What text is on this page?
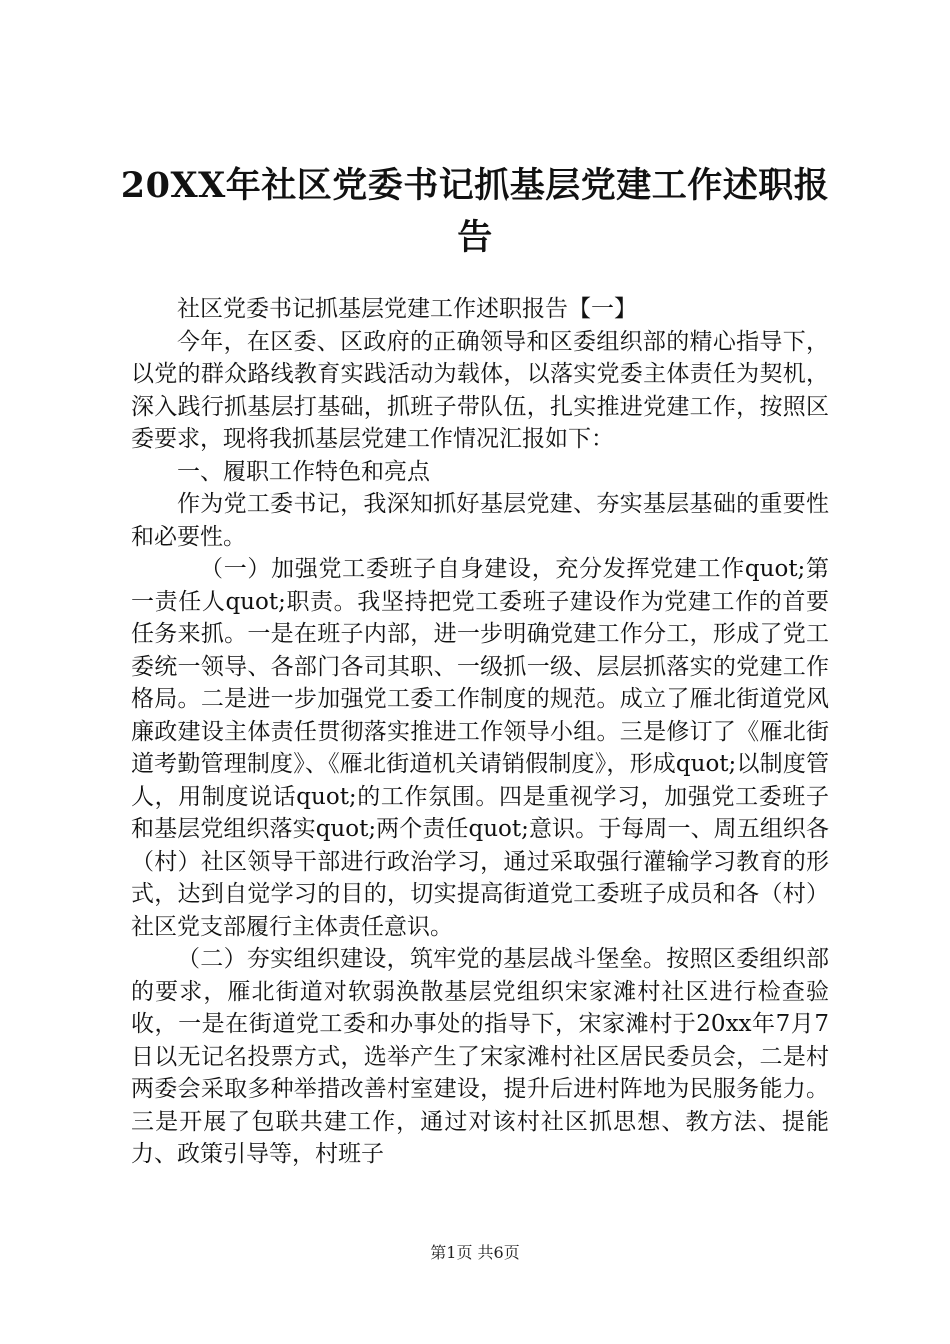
20XX年社区党委书记抓基层党建工作述职报
告

社区党委书记抓基层党建工作述职报告【一】

今年，在区委、区政府的正确领导和区委组织部的精心指导下，以党的群众路线教育实践活动为载体，以落实党委主体责任为契机，深入践行抓基层打基础，抓班子带队伍，扎实推进党建工作，按照区委要求，现将我抓基层党建工作情况汇报如下：

一、履职工作特色和亮点

作为党工委书记，我深知抓好基层党建、夯实基层基础的重要性和必要性。

（一）加强党工委班子自身建设，充分发挥党建工作quot;第一责任人quot;职责。我坚持把党工委班子建设作为党建工作的首要任务来抓。一是在班子内部，进一步明确党建工作分工，形成了党工委统一领导、各部门各司其职、一级抓一级、层层抓落实的党建工作格局。二是进一步加强党工委工作制度的规范。成立了雁北街道党风廉政建设主体责任贯彻落实推进工作领导小组。三是修订了《雁北街道考勤管理制度》、《雁北街道机关请销假制度》，形成quot;以制度管人，用制度说话quot;的工作氛围。四是重视学习，加强党工委班子和基层党组织落实quot;两个责任quot;意识。于每周一、周五组织各（村）社区领导干部进行政治学习，通过采取强行灌输学习教育的形式，达到自觉学习的目的，切实提高街道党工委班子成员和各（村）社区党支部履行主体责任意识。

（二）夯实组织建设，筑牢党的基层战斗堡垒。按照区委组织部的要求，雁北街道对软弱涣散基层党组织宋家滩村社区进行检查验收，一是在街道党工委和办事处的指导下，宋家滩村于20xx年7月7日以无记名投票方式，选举产生了宋家滩村社区居民委员会，二是村两委会采取多种举措改善村室建设，提升后进村阵地为民服务能力。三是开展了包联共建工作，通过对该村社区抓思想、教方法、提能力、政策引导等，村班子

第1页 共6页
